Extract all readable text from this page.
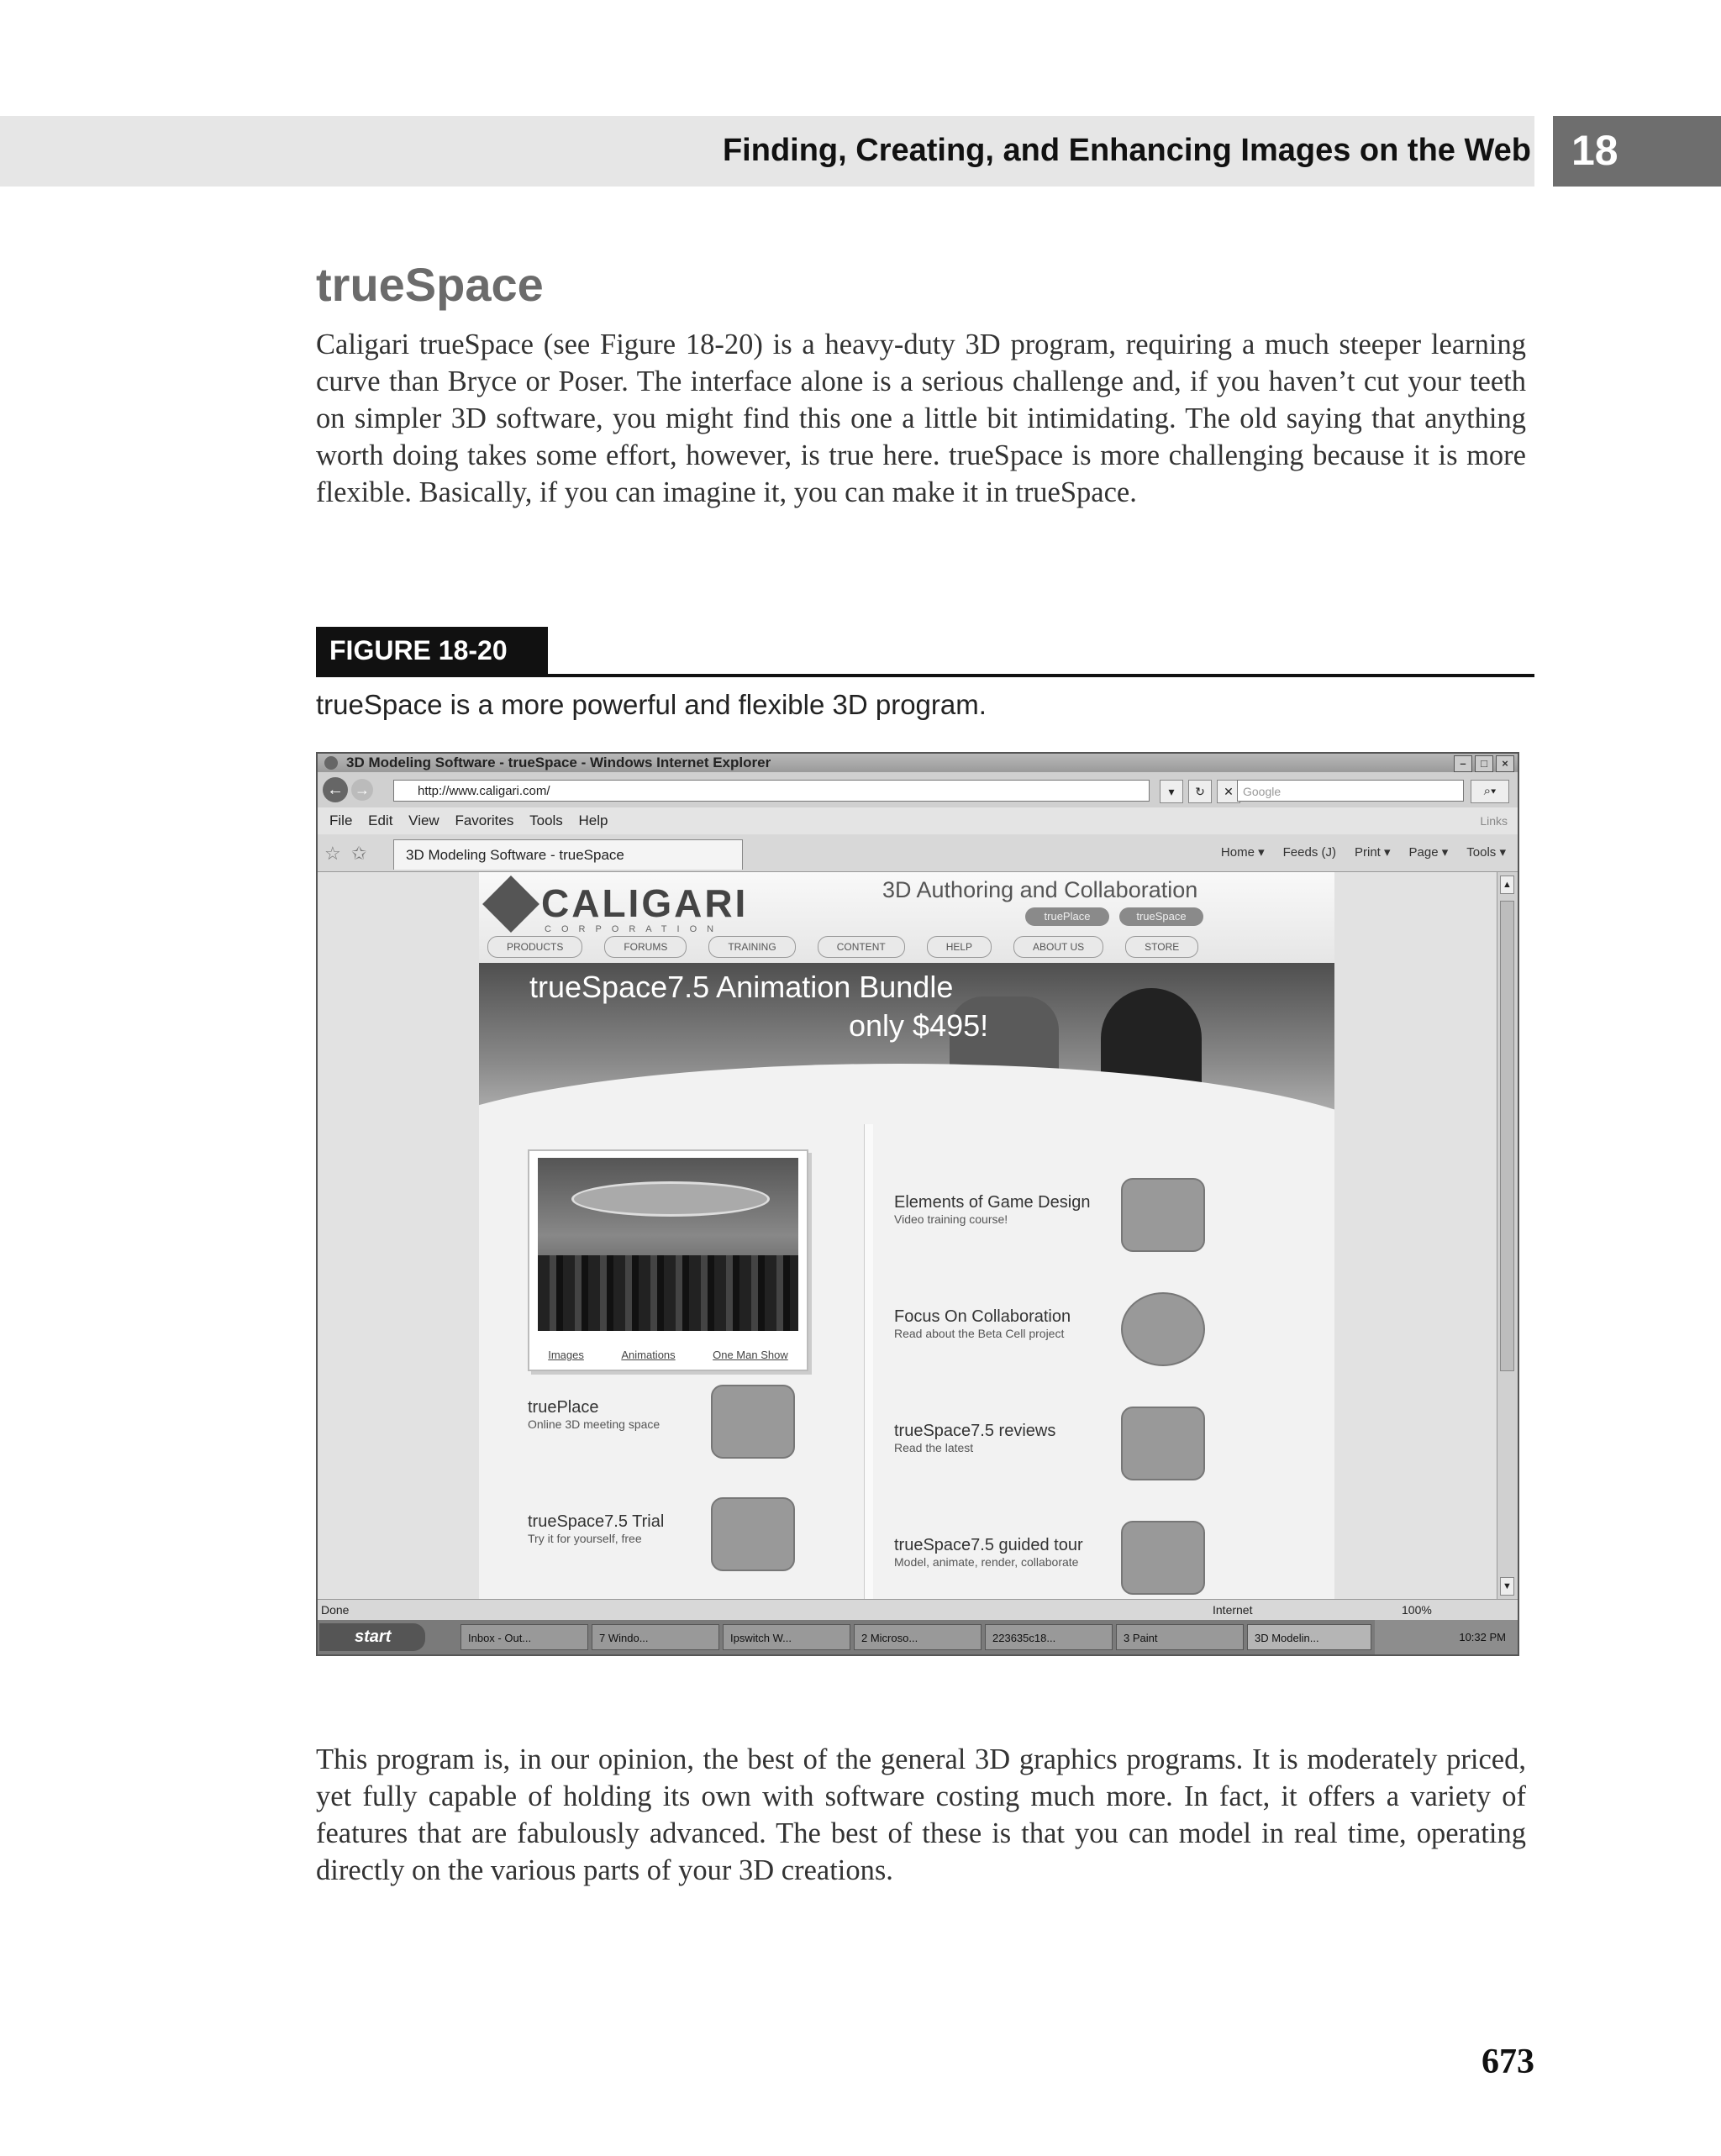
Finding, Creating, and Enhancing Images on the Web 18
trueSpace

Caligari trueSpace (see Figure 18-20) is a heavy-duty 3D program, requiring a much steeper learning curve than Bryce or Poser. The interface alone is a serious challenge and, if you haven’t cut your teeth on simpler 3D software, you might find this one a little bit intimidating. The old saying that anything worth doing takes some effort, however, is true here. trueSpace is more challenging because it is more flexible. Basically, if you can imagine it, you can make it in trueSpace.

FIGURE 18-20
trueSpace is a more powerful and flexible 3D program.
3D Modeling Software - trueSpace - Windows Internet Explorer	–	□	×
← →	http://www.caligari.com/	▾	↻	✕ Google	⌕▾
File Edit View Favorites Tools Help	Links
☆ ✩	3D Modeling Software - trueSpace	Home ▾ Feeds (J) Print ▾ Page ▾ Tools ▾
CALIGARI
CORPORATION
3D Authoring and Collaboration
truePlace	trueSpace
PRODUCTS	FORUMS	TRAINING	CONTENT	HELP	ABOUT US	STORE
trueSpace7.5 Animation Bundle
only $495!
Images	Animations	One Man Show
truePlace
Online 3D meeting space
trueSpace7.5 Trial
Try it for yourself, free
Elements of Game Design
Video training course!
Focus On Collaboration
Read about the Beta Cell project
trueSpace7.5 reviews
Read the latest
trueSpace7.5 guided tour
Model, animate, render, collaborate
▲
▼
Done	Internet	100%
start	Inbox - Out...	7 Windo...	Ipswitch W...	2 Microso...	223635c18...	3 Paint	3D Modelin...	10:32 PM

This program is, in our opinion, the best of the general 3D graphics programs. It is moderately priced, yet fully capable of holding its own with software costing much more. In fact, it offers a variety of features that are fabulously advanced. The best of these is that you can model in real time, operating directly on the various parts of your 3D creations.

673
